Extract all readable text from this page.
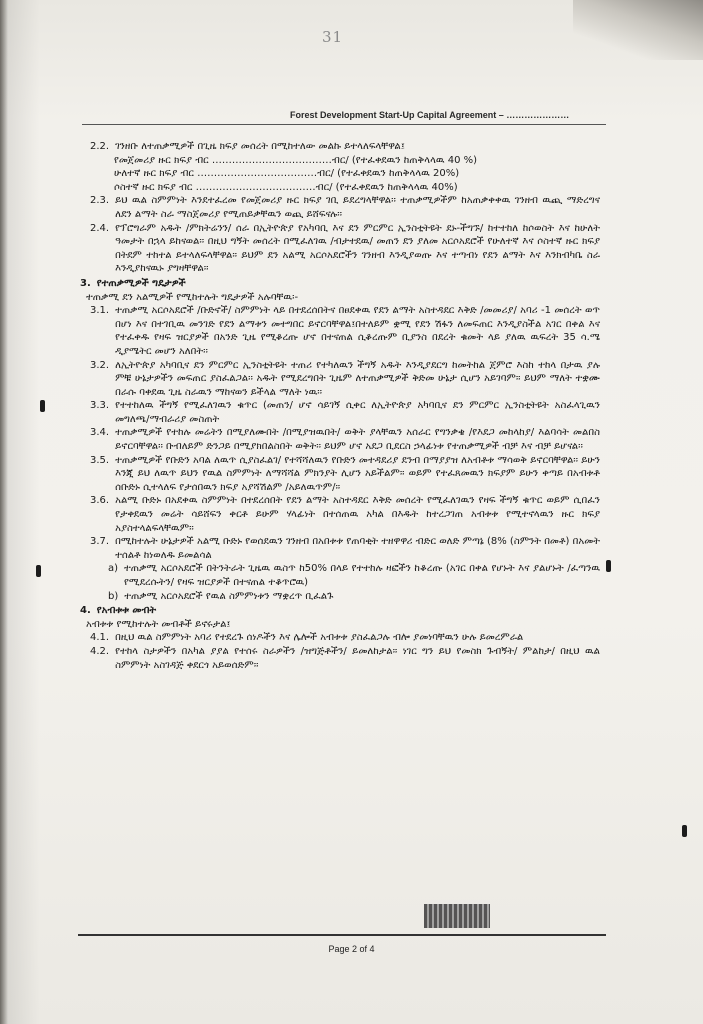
31
Forest Development Start-Up Capital Agreement – …………………
2.2. ገንዘቡ ለተጠቃሚዎች በጊዜ ክፍያ መሰረት በሚከተለው መልኩ ይተላለፍላቸዋል፤
የመጀመሪያ ዙር ክፍያ ብር ………………………………ብር/ (የተፈቀደዉን ከጠቅላላዉ 40 %)
ሁለተኛ ዙር ክፍያ ብር ………………………………ብር/ (የተፈቀደዉን ከጠቅላላዉ 20%)
ሶስተኛ ዙር ክፍያ ብር ………………………………ብር/ (የተፈቀደዉን ከጠቅላላዉ 40%)
2.3. ይህ ዉል ስምምነት እንደተፈረመ የመጀመሪያ ዙር ክፍያ ገቢ ይደረግላቸዋል፡፡ ተጠቃሚዎችም ከአጠቃቀቀዉ ገንዘብ ዉጪ ማድረግና ለደን ልማት ስራ ማስጀመሪያ የሚጠይቃቸዉን ወጪ ይሸፍናሉ፡፡
2.4. የፕሮግራም አዱት /ምክትሬንን/ ሰራ በኢትዮጵያ የአካባቢ እና ደን ምርምር ኢንስቲትዩት ደኑ-ችግኙ/ ከተተከለ ከሶወስት እና ከሁለት ዓመታት በኋላ ይከናወል፡፡ በዚህ ግኝት መሰረት በሚፈለገዉ /ብታተደዉ/ መጠን ደን ያለመ አርሶአደሮች የሁለተኛ እና ሶስተኛ ዙር ክፍያ በትደም ተከተል ይተላለፍላቸዋል፡፡ ይህም ደን አልሚ አርሶአደሮችን ገንዘብ እንዲያወጡ እና ተጣብነ የደን ልማት እና እንክብካቤ ስራ እንዲያከናዉኑ ያግዛቸዋል፡፡
3. የተጠቃሚዎች ግዴታዎች
ተጠቃሚ ደን አልሚዎች የሚከተሉት ግዴታዎች አሉባቸዉ፡-
3.1. ተጠቃሚ አርሶአደሮች /ቡድኖች/ ስምምነት ላይ በተደረሰበትና በፀደቀዉ የደን ልማት አስተዳደር እቅድ /መመሪያ/ አባሪ -1 መሰረት ወጥ በሆነ እና በተገቢዉ መንገድ የደን ልማቱን መተግበር ይኖርባቸዋል፤በተለይም ቋሚ የደን ሽፋን ለመፍጠር እንዲያስችል አገር በቀል እና የተፈቀዱ የዛፍ ዝርያዎች በአንድ ጊዜ የሚቆረጡ ሆኖ በተናጠል ሲቆረጡም ቢያንስ በደረት ቁመት ላይ ያለዉ ዉፍረት 35 ሳ.ሜ ዲያሜትር መሆን አለበት፡፡
3.2. ለኢትዮጵያ አካባቢና ደን ምርምር ኢንስቲትዩት ተጠሪ የተካለዉን ችግኝ አዱት እንዲያደርግ ከመትከል ጀምሮ እስከ ተከላ በታዉ ያሉ ምቹ ሁኔታዎችን መፍጠር ያስፈልጋል፡፡ አዱት የሚደረግበት ጊዜም ለተጠቃሚዎች ቅድመ ሁኔታ ሲሆን አይገባም፡፡ ይህም ማለት ተቋሙ በራሱ ባቀደዉ ጊዜ ስራዉን ማከናወን ይችላል ማለት ነዉ፡፡
3.3. የተተከለዉ ችግኝ የሚፈለገዉን ቁጥር (መጠን/ ሆኖ ሳይገኝ ሲቀር ለኢትዮጵያ አካባቢና ደን ምርምር ኢንስቲትዩት አስፈላጊዉን መግለጫ/ማብራሪያ መስጠት
3.4. ተጠቃሚዎች የተከሉ መሬትን በሚያለሙበት /በሚያዝዉበት/ ወቅት ያላቸዉን አሰራር የግንቃቄ /የእደጋ መከላከያ/ እልባሳት መልበስ ይኖርባቸዋል፡፡ ቡብለይም ድንጋይ በሚያክበልስበት ወቅት፡፡ ይህም ሆኖ አደጋ ቢደርስ ኃላፊነቱ የተጠቃሚዎች ብቻ እና ብቻ ይሆናል፡፡
3.5. ተጠቃሚዎች የቡድን አባል ለዉጥ ሲያስፈልገ/ የተሻሻለዉን የቡድን መተዳደሪያ ደንብ በማያያዝ ለአብቶቱ ማሳወቅ ይኖርባቸዋል፡፡ ይሁን እንጂ ይህ ለዉጥ ይህን የዉል ስምምነት ለማሻሻል ምክንያት ሊሆን አይችልም፡፡ ወይም የተፈጸመዉን ክፍያም ይሁን ቀጣይ በአብቱቶ ሰቡድኑ ሲተላለፍ የታሰበዉን ክፍያ አያሻሽልም /አይለዉጥም/፡፡
3.6. አልሚ ቡድኑ በአደቀዉ ስምምነት በተደረሰበት የደን ልማት አስተዳደር እቅድ መሰረት የሚፈለገዉን የዛፍ ችግኝ ቁጥር ወይም ሲበፈን የታቀደዉን መሬት ሳይሸፍን ቀርቶ ይሁም ሃላፊነት በተሰጠዉ አካል በእዱት ከተረጋገጠ አብቱቱ የሚተኖላዉን ዙር ክፍያ አያስተላልፍላቸዉም፡፡
3.7. በሚከተሉት ሁኔታዎች አልሚ ቡድኑ የወሰደዉን ገንዘብ በአበቱቱ የጠባቂት ተዘዋዋሪ ብድር ወለድ ምጣኔ (8% (ስምንት በመቶ) በአመት ተሰልቶ ከነወለዱ ይመልሳል
a) ተጠቃሚ አርሶአደሮች በትንትራት ጊዜዉ ዉስጥ ከ50% በላይ የተተከሉ ዛፎችን ከቆረጡ (አገር በቀል የሆኑት እና ያልሆኑት /ፈጣንዉ የሚደረሱትን/ የዛፍ ዝርያዎች በተናጠል ተቆጥሮዉ)
b) ተጠቃሚ አርሶአደሮች የዉል ስምምነቱን ማቋረጥ ቢፈልጉ
4. የአብቱቱ መብት
አብቱቱ የሚከተሉት መብቶች ይኖሩታል፤
4.1. በዚህ ዉል ስምምነት አባሪ የተደረጉ ሰነዶችን እና ሌሎች አብቱቱ ያስፈልጋሉ ብሎ ያመነባቸዉን ሁሉ ይመረምራል
4.2. የተከላ ስታዎችን በአካል ያያል የተሰሩ ስራዎችን /ዝግጅቶችን/ ይመለከታል፡፡ ነገር ግን ይህ የመስክ ጉብኝት/ ምልከታ/ በዚህ ዉል ስምምነት አስገዳጅ ቀደርጎ አይወሰድም፡፡
Page 2 of 4
